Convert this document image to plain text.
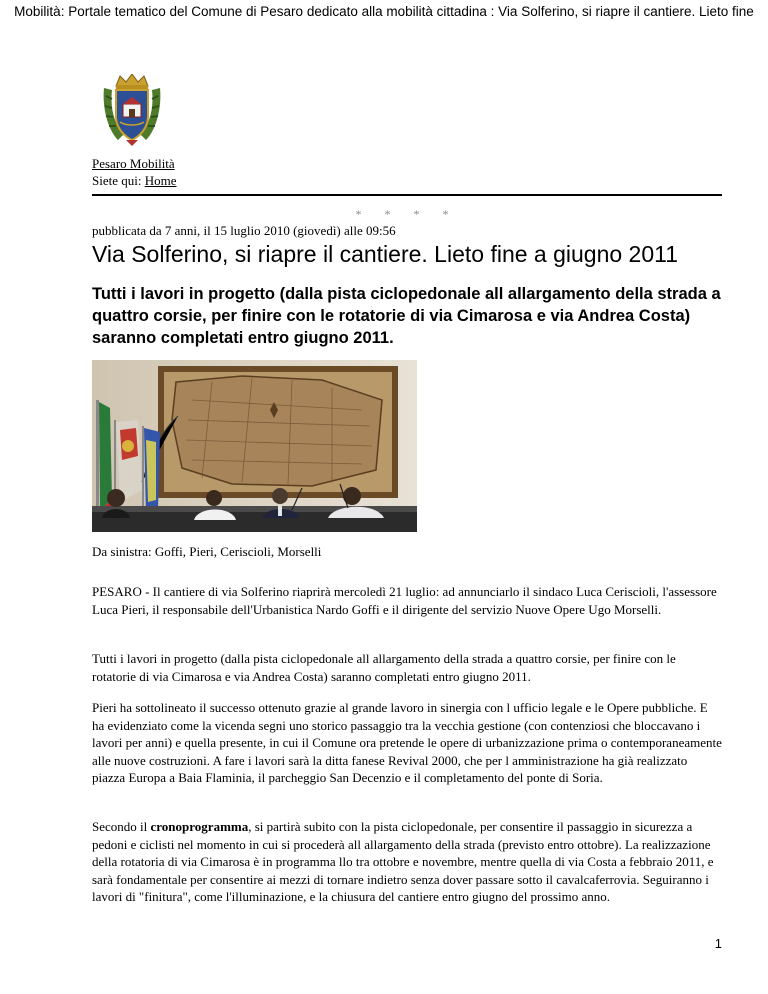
Mobilità: Portale tematico del Comune di Pesaro dedicato alla mobilità cittadina : Via Solferino, si riapre il cantiere. Lieto fine
Pesaro Mobilità
Siete qui: Home
* * * *
pubblicata da 7 anni, il 15 luglio 2010 (giovedì) alle 09:56
Via Solferino, si riapre il cantiere. Lieto fine a giugno 2011
Tutti i lavori in progetto (dalla pista ciclopedonale all allargamento della strada a quattro corsie, per finire con le rotatorie di via Cimarosa e via Andrea Costa) saranno completati entro giugno 2011.
Da sinistra: Goffi, Pieri, Ceriscioli, Morselli

PESARO - Il cantiere di via Solferino riaprirà mercoledì 21 luglio: ad annunciarlo il sindaco Luca Ceriscioli, l'assessore Luca Pieri, il responsabile dell'Urbanistica Nardo Goffi e il dirigente del servizio Nuove Opere Ugo Morselli.

Tutti i lavori in progetto (dalla pista ciclopedonale all allargamento della strada a quattro corsie, per finire con le rotatorie di via Cimarosa e via Andrea Costa) saranno completati entro giugno 2011.

Pieri ha sottolineato il successo ottenuto grazie al grande lavoro in sinergia con l ufficio legale e le Opere pubbliche. E ha evidenziato come la vicenda segni uno storico passaggio tra la vecchia gestione (con contenziosi che bloccavano i lavori per anni) e quella presente, in cui il Comune ora pretende le opere di urbanizzazione prima o contemporaneamente alle nuove costruzioni. A fare i lavori sarà la ditta fanese Revival 2000, che per l amministrazione ha già realizzato piazza Europa a Baia Flaminia, il parcheggio San Decenzio e il completamento del ponte di Soria.

Secondo il cronoprogramma, si partirà subito con la pista ciclopedonale, per consentire il passaggio in sicurezza a pedoni e ciclisti nel momento in cui si procederà all allargamento della strada (previsto entro ottobre). La realizzazione della rotatoria di via Cimarosa è in programma llo tra ottobre e novembre, mentre quella di via Costa a febbraio 2011, e sarà fondamentale per consentire ai mezzi di tornare indietro senza dover passare sotto il cavalcaferrovia. Seguiranno i lavori di "finitura", come l'illuminazione, e la chiusura del cantiere entro giugno del prossimo anno.

1
